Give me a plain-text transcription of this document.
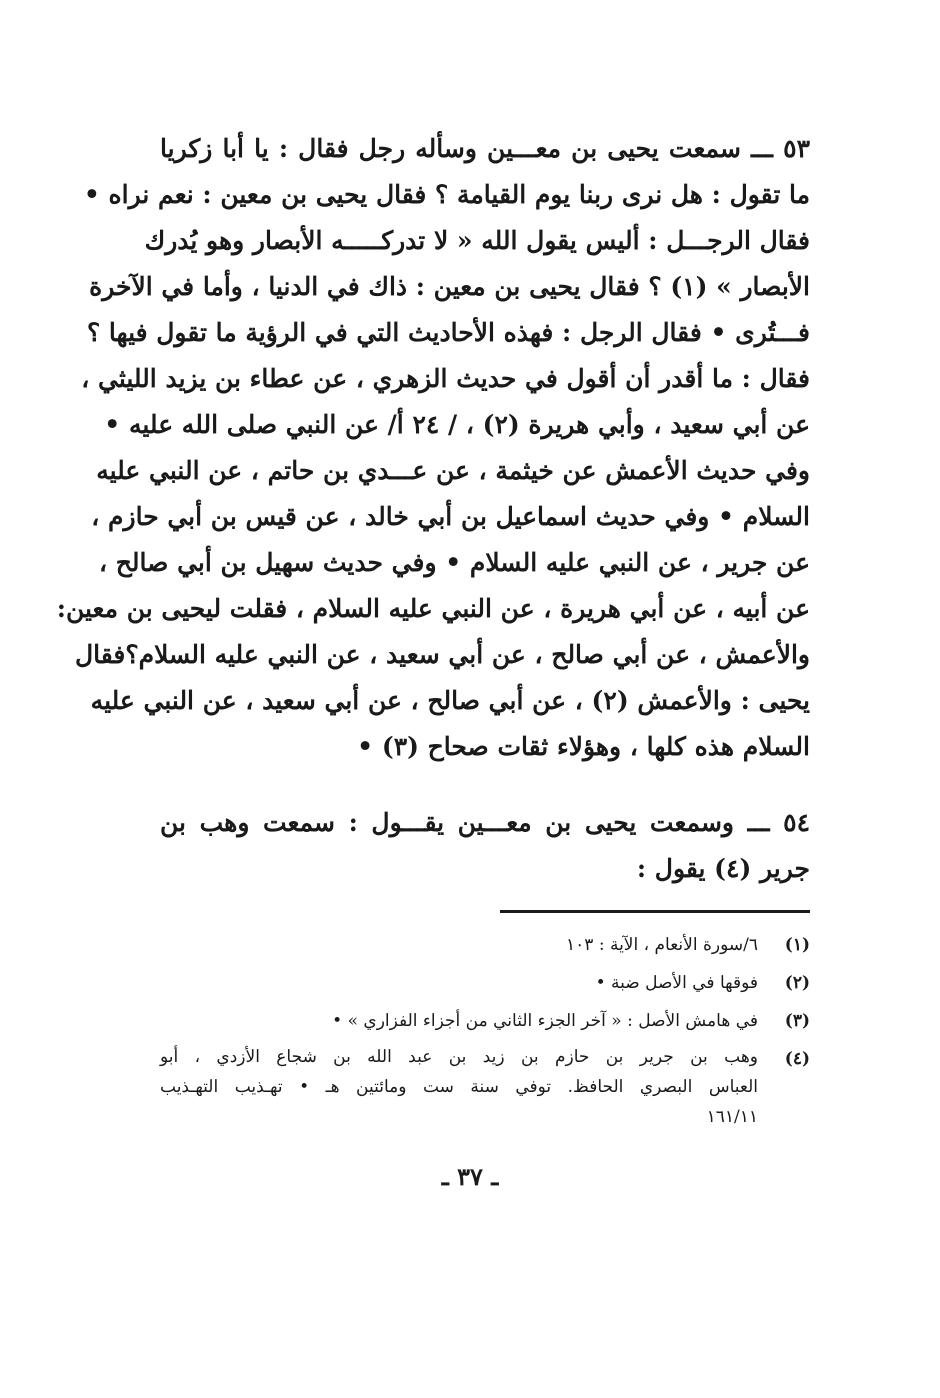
٥٣ ـــ سمعت يحيى بن معـــين وسأله رجل فقال : يا أبا زكريا
ما تقول : هل نرى ربنا يوم القيامة ؟ فقال يحيى بن معين : نعم نراه •
فقال الرجـــل : أليس يقول الله « لا تدركـــــه الأبصار وهو يُدرك
الأبصار » (١) ؟ فقال يحيى بن معين : ذاك في الدنيا ، وأما في الآخرة
فـــتُرى • فقال الرجل : فهذه الأحاديث التي في الرؤية ما تقول فيها ؟
فقال : ما أقدر أن أقول في حديث الزهري ، عن عطاء بن يزيد الليثي ،
عن أبي سعيد ، وأبي هريرة (٢) ، / ٢٤ أ/ عن النبي صلى الله عليه •
وفي حديث الأعمش عن خيثمة ، عن عـــدي بن حاتم ، عن النبي عليه
السلام • وفي حديث اسماعيل بن أبي خالد ، عن قيس بن أبي حازم ،
عن جرير ، عن النبي عليه السلام • وفي حديث سهيل بن أبي صالح ،
عن أبيه ، عن أبي هريرة ، عن النبي عليه السلام ، فقلت ليحيى بن معين:
والأعمش ، عن أبي صالح ، عن أبي سعيد ، عن النبي عليه السلام؟فقال
يحيى : والأعمش (٢) ، عن أبي صالح ، عن أبي سعيد ، عن النبي عليه
السلام هذه كلها ، وهؤلاء ثقات صحاح (٣) •
٥٤ ـــ وسمعت يحيى بن معـــين يقـــول : سمعت وهب بن
جرير (٤) يقول :
(١)
٦/سورة الأنعام ، الآية : ١٠٣
(٢)
فوقها في الأصل ضبة •
(٣)
في هامش الأصل : « آخر الجزء الثاني من أجزاء الفزاري » •
(٤)
وهب بن جرير بن حازم بن زيد بن عبد الله بن شجاع الأزدي ، أبو
العباس البصري الحافظ. توفي سنة ست ومائتين هـ • تهـذيب التهـذيب
١٦١/١١
ـ ٣٧ ـ
